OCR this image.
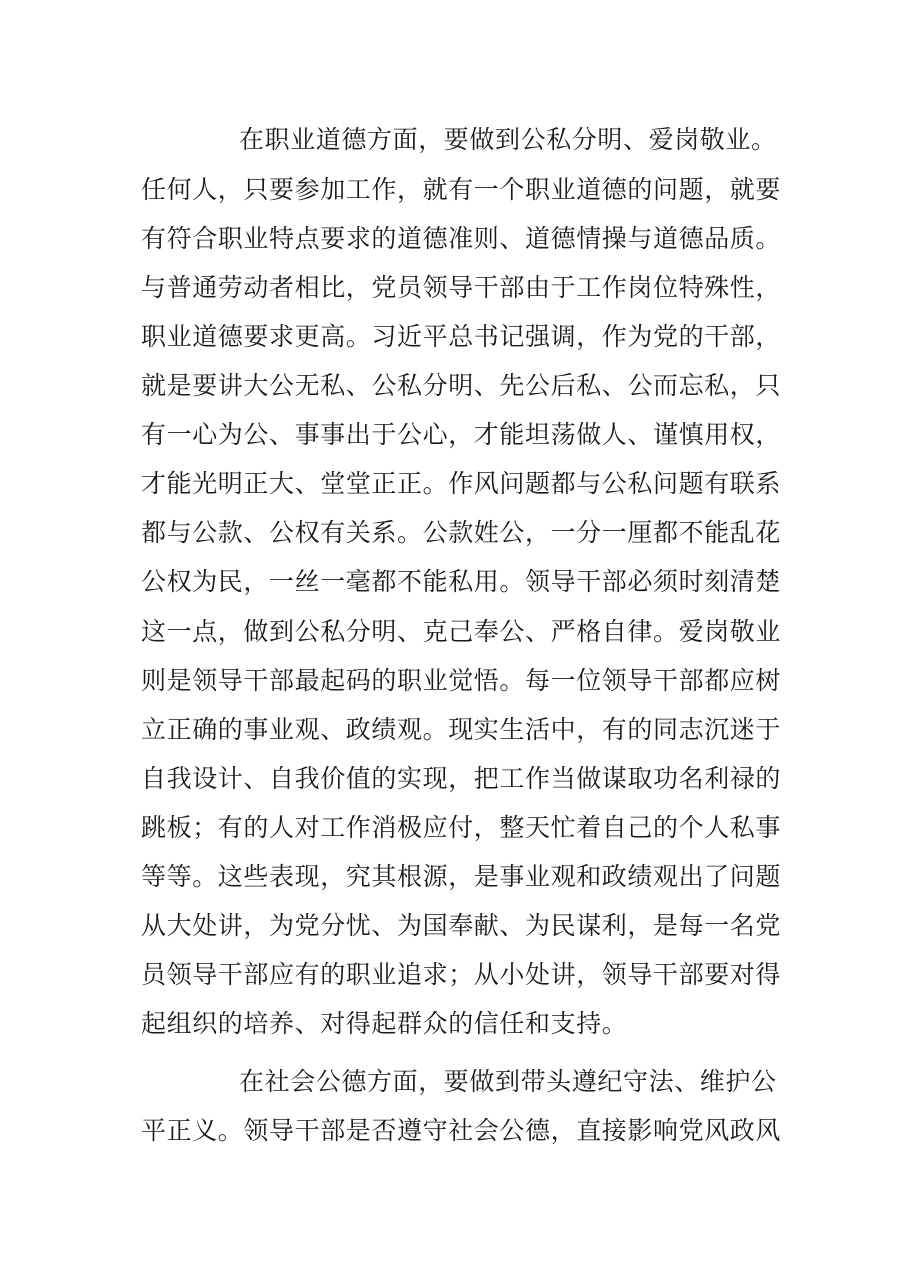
在职业道德方面，要做到公私分明、爱岗敬业。
任何人，只要参加工作，就有一个职业道德的问题，就要
有符合职业特点要求的道德准则、道德情操与道德品质。
与普通劳动者相比，党员领导干部由于工作岗位特殊性，
职业道德要求更高。习近平总书记强调，作为党的干部，
就是要讲大公无私、公私分明、先公后私、公而忘私，只
有一心为公、事事出于公心，才能坦荡做人、谨慎用权，
才能光明正大、堂堂正正。作风问题都与公私问题有联系
都与公款、公权有关系。公款姓公，一分一厘都不能乱花
公权为民，一丝一毫都不能私用。领导干部必须时刻清楚
这一点，做到公私分明、克己奉公、严格自律。爱岗敬业
则是领导干部最起码的职业觉悟。每一位领导干部都应树
立正确的事业观、政绩观。现实生活中，有的同志沉迷于
自我设计、自我价值的实现，把工作当做谋取功名利禄的
跳板；有的人对工作消极应付，整天忙着自己的个人私事
等等。这些表现，究其根源，是事业观和政绩观出了问题
从大处讲，为党分忧、为国奉献、为民谋利，是每一名党
员领导干部应有的职业追求；从小处讲，领导干部要对得
起组织的培养、对得起群众的信任和支持。
在社会公德方面，要做到带头遵纪守法、维护公
平正义。领导干部是否遵守社会公德，直接影响党风政风
